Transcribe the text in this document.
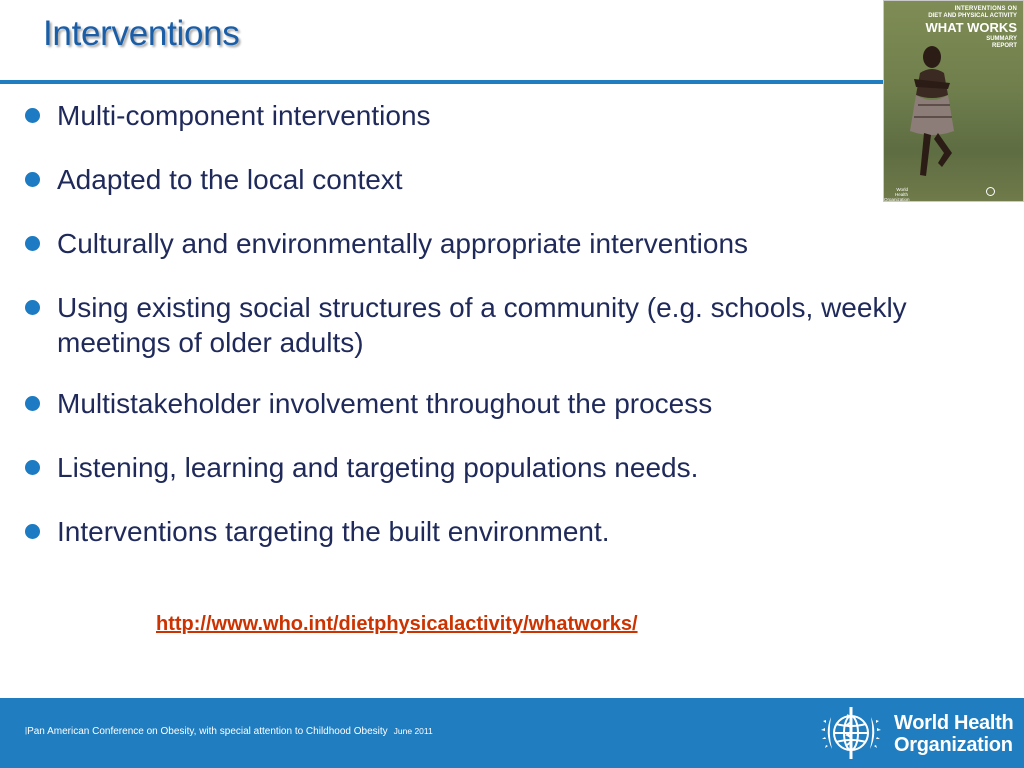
Interventions
INTERVENTIONS ON
DIET AND PHYSICAL ACTIVITY
WHAT WORKS
SUMMARY
REPORT
World Health Organization
Multi-component interventions
Adapted to the local context
Culturally and environmentally appropriate interventions
Using existing social structures of a community (e.g. schools, weekly meetings of older adults)
Multistakeholder involvement throughout the process
Listening, learning and targeting populations needs.
Interventions targeting the built environment.
http://www.who.int/dietphysicalactivity/whatworks/
|Pan American Conference on Obesity, with special attention to Childhood Obesity June 2011	World Health
Organization
